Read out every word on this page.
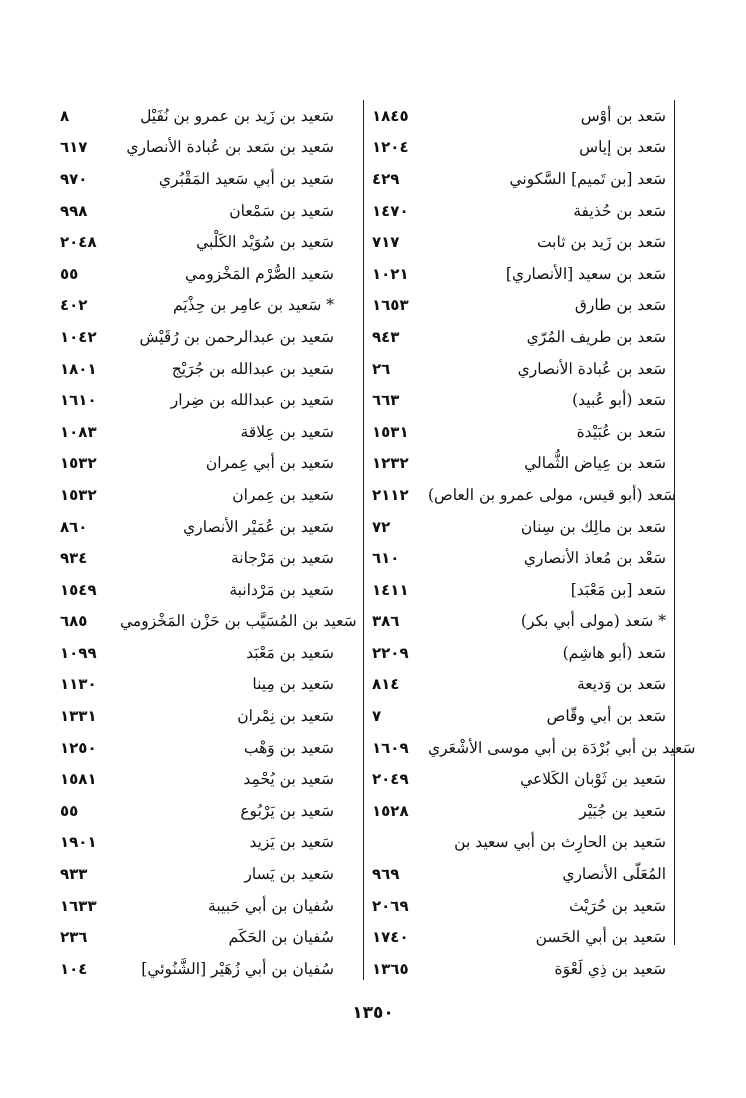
١٨٤٥	سَعد بن أوْس
١٢٠٤	سَعد بن إياس
٤٢٩	سَعد [بن تَميم] السَّكوني
١٤٧٠	سَعد بن حُذيفة
٧١٧	سَعد بن زَيد بن ثابت
١٠٢١	سَعد بن سعيد [الأنصاري]
١٦٥٣	سَعد بن طارق
٩٤٣	سَعد بن طريف المُرّي
٢٦	سَعد بن عُبادة الأنصاري
٦٦٣	سَعد (أبو عُبيد)
١٥٣١	سَعد بن عُبَيْدة
١٢٣٢	سَعد بن عِياض الثُّمالي
٢١١٢	سَعد (أبو قيس، مولى عمرو بن العاص)
٧٢	سَعد بن مالِك بن سِنان
٦١٠	سَعْد بن مُعاذ الأنصاري
١٤١١	سَعد [بن مَعْبَد]
٣٨٦	* سَعد (مولى أبي بكر)
٢٢٠٩	سَعد (أبو هاشِم)
٨١٤	سَعد بن وَديعة
٧	سَعد بن أبي وقّاص
١٦٠٩	سَعيد بن أبي بُرْدَة بن أبي موسى الأشْعَري
٢٠٤٩	سَعيد بن ثَوْبان الكَلاعي
١٥٢٨	سَعيد بن جُبَيْر
سَعيد بن الحارِث بن أبي سعيد بن
٩٦٩	المُعَلّى الأنصاري
٢٠٦٩	سَعيد بن حُرَيْث
١٧٤٠	سَعيد بن أبي الحَسن
١٣٦٥	سَعيد بن ذِي لَعْوَة
٨	سَعيد بن زَيد بن عمرو بن نُفَيْل
٦١٧	سَعيد بن سَعد بن عُبادة الأنصاري
٩٧٠	سَعيد بن أبي سَعيد المَقْبُري
٩٩٨	سَعيد بن سَمْعان
٢٠٤٨	سَعيد بن سُوَيْد الكَلْبي
٥٥	سَعيد الصُّرْم المَخْزومي
٤٠٢	* سَعيد بن عامِر بن حِذْيَم
١٠٤٢	سَعيد بن عبدالرحمن بن رُقَيْش
١٨٠١	سَعيد بن عبدالله بن جُرَيْج
١٦١٠	سَعيد بن عبدالله بن ضِرار
١٠٨٣	سَعيد بن عِلاقة
١٥٣٢	سَعيد بن أبي عِمران
١٥٣٢	سَعيد بن عِمران
٨٦٠	سَعيد بن عُمَيْر الأنصاري
٩٣٤	سَعيد بن مَرْجانة
١٥٤٩	سَعيد بن مَرْدانبة
٦٨٥	سَعيد بن المُسَيَّب بن حَزْن المَخْزومي
١٠٩٩	سَعيد بن مَعْبَد
١١٣٠	سَعيد بن مِينا
١٣٣١	سَعيد بن نِمْران
١٢٥٠	سَعيد بن وَهْب
١٥٨١	سَعيد بن يُحْمِد
٥٥	سَعيد بن يَرْبُوع
١٩٠١	سَعيد بن يَزيد
٩٣٣	سَعيد بن يَسار
١٦٣٣	سُفيان بن أبي حَبيبة
٢٣٦	سُفيان بن الحَكَم
١٠٤	سُفيان بن أبي زُهَيْر [الشَّنُوئي]
١٣٥٠
